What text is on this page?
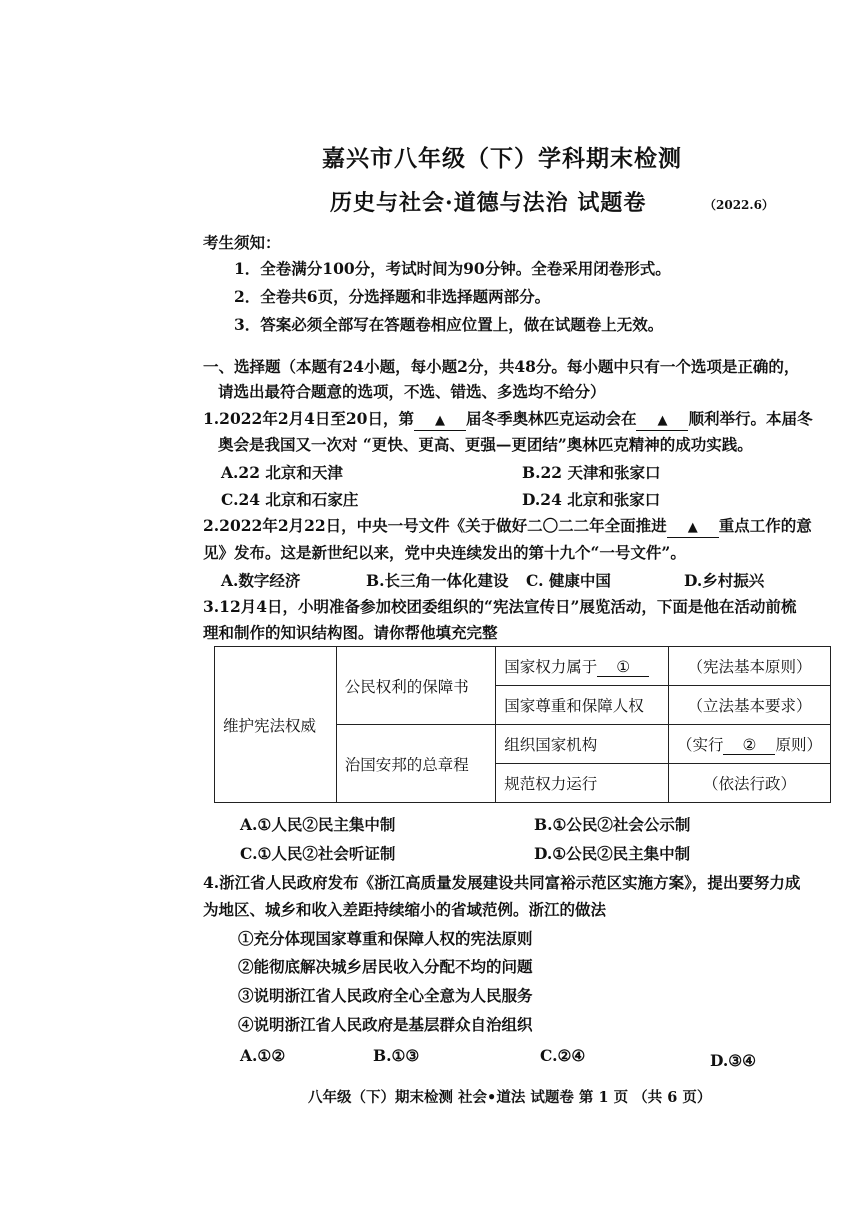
嘉兴市八年级（下）学科期末检测
历史与社会·道德与法治 试题卷	（2022.6）
考生须知：
1．全卷满分100分，考试时间为90分钟。全卷采用闭卷形式。
2．全卷共6页，分选择题和非选择题两部分。
3．答案必须全部写在答题卷相应位置上，做在试题卷上无效。
一、选择题（本题有24小题，每小题2分，共48分。每小题中只有一个选项是正确的，
请选出最符合题意的选项，不选、错选、多选均不给分）
1.2022年2月4日至20日，第 ▲ 届冬季奥林匹克运动会在 ▲ 顺利举行。本届冬
奥会是我国又一次对 “更快、更高、更强—更团结”奥林匹克精神的成功实践。
A.22 北京和天津	B.22 天津和张家口
C.24 北京和石家庄	D.24 北京和张家口
2.2022年2月22日，中央一号文件《关于做好二〇二二年全面推进 ▲ 重点工作的意
见》发布。这是新世纪以来，党中央连续发出的第十九个“一号文件”。
A.数字经济	B.长三角一体化建设 C. 健康中国	D.乡村振兴
3.12月4日，小明准备参加校团委组织的“宪法宣传日”展览活动，下面是他在活动前梳
理和制作的知识结构图。请你帮他填充完整
维护宪法权威	公民权利的保障书	国家权力属于 ①	（宪法基本原则）
		国家尊重和保障人权	（立法基本要求）
	治国安邦的总章程	组织国家机构	（实行 ② 原则）
		规范权力运行	（依法行政）
A.①人民②民主集中制	B.①公民②社会公示制
C.①人民②社会听证制	D.①公民②民主集中制
4.浙江省人民政府发布《浙江高质量发展建设共同富裕示范区实施方案》，提出要努力成
为地区、城乡和收入差距持续缩小的省域范例。浙江的做法
①充分体现国家尊重和保障人权的宪法原则
②能彻底解决城乡居民收入分配不均的问题
③说明浙江省人民政府全心全意为人民服务
④说明浙江省人民政府是基层群众自治组织
A.①②	B.①③	C.②④	D.③④
八年级（下）期末检测 社会•道法 试题卷 第 1 页 （共 6 页）
